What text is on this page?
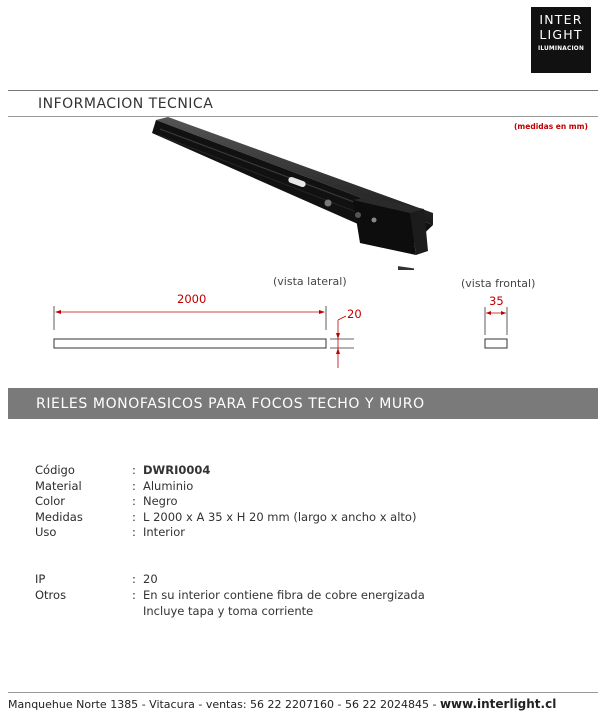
INTER
LIGHT
ILUMINACION
INFORMACION TECNICA
(medidas en mm)
(vista lateral)	(vista frontal)
2000
20
35
RIELES MONOFASICOS PARA FOCOS TECHO Y MURO
Código	: DWRI0004
Material	: Aluminio
Color	: Negro
Medidas	: L 2000 x A 35 x H 20 mm (largo x ancho x alto)
Uso	: Interior
IP	: 20
Otros	: En su interior contiene fibra de cobre energizada
Incluye tapa y toma corriente
Manquehue Norte 1385 - Vitacura - ventas: 56 22 2207160 - 56 22 2024845 - www.interlight.cl
